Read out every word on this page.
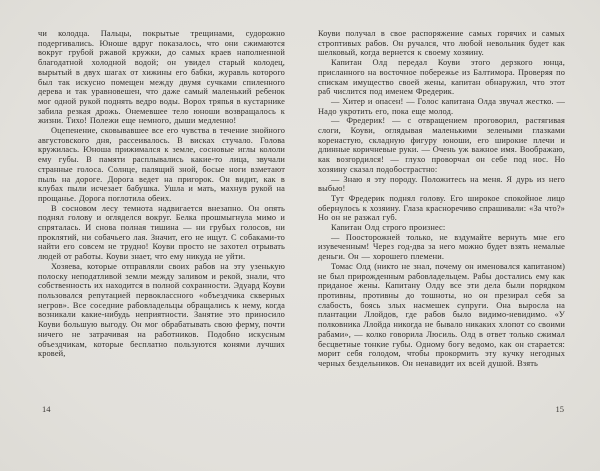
чи колодца. Пальцы, покрытые трещинами, судорожно подергивались. Юноше вдруг показалось, что они сжимаются вокруг грубой ржавой кружки, до самых краев наполненной благодатной холодной водой; он увидел старый колодец, вырытый в двух шагах от хижины его бабки, журавль которого был так искусно помещен между двумя сучками спиленного дерева и так уравновешен, что даже самый маленький ребенок мог одной рукой поднять ведро воды. Ворох тряпья в кустарнике забила резкая дрожь. Онемевшее тело юноши возвращалось к жизни. Тихо! Полежи еще немного, дыши медленно!

Оцепенение, сковывавшее все его чувства в течение знойного августовского дня, рассеивалось. В висках стучало. Голова кружилась. Юноша прижимался к земле, сосновые иглы кололи ему губы. В памяти расплывались какие-то лица, звучали странные голоса. Солнце, палящий зной, босые ноги взметают пыль на дороге. Дорога ведет на пригорок. Он видит, как в клубах пыли исчезает бабушка. Ушла и мать, махнув рукой на прощанье. Дорога поглотила обеих.

В сосновом лесу темнота надвигается внезапно. Он опять поднял голову и огляделся вокруг. Белка прошмыгнула мимо и спряталась. И снова полная тишина — ни грубых голосов, ни проклятий, ни собачьего лая. Значит, его не ищут. С собаками-то найти его совсем не трудно! Коуви просто не захотел отрывать людей от работы. Коуви знает, что ему никуда не уйти.

Хозяева, которые отправляли своих рабов на эту узенькую полоску неподатливой земли между заливом и рекой, знали, что собственность их находится в полной сохранности. Эдуард Коуви пользовался репутацией первоклассного «объездчика скверных негров». Все соседние рабовладельцы обращались к нему, когда возникали какие-нибудь неприятности. Занятие это приносило Коуви большую выгоду. Он мог обрабатывать свою ферму, почти ничего не затрачивая на работников. Подобно искусным объездчикам, которые бесплатно пользуются конями лучших кровей,

Коуви получал в свое распоряжение самых горячих и самых строптивых рабов. Он ручался, что любой невольник будет как шелковый, когда вернется к своему хозяину.

Капитан Олд передал Коуви этого дерзкого юнца, присланного на восточное побережье из Балтимора. Проверяя по спискам имущество своей жены, капитан обнаружил, что этот раб числится под именем Фредерик.

— Хитер и опасен! — Голос капитана Олда звучал жестко. — Надо укротить его, пока еще молод.

— Фредерик! — с отвращением проговорил, растягивая слоги, Коуви, оглядывая маленькими зелеными глазками коренастую, складную фигуру юноши, его широкие плечи и длинные коричневые руки. — Очень уж важное имя. Воображаю, как возгордился! — глухо проворчал он себе под нос. Но хозяину сказал подобострастно:

— Знаю я эту породу. Положитесь на меня. Я дурь из него выбью!

Тут Фредерик поднял голову. Его широкое спокойное лицо обернулось к хозяину. Глаза красноречиво спрашивали: «За что?» Но он не разжал губ.

Капитан Олд строго произнес:

— Поосторожней только, не вздумайте вернуть мне его изувеченным! Через год-два за него можно будет взять немалые деньги. Он — хорошего племени.

Томас Олд (никто не знал, почему он именовался капитаном) не был прирожденным рабовладельцем. Рабы достались ему как приданое жены. Капитану Олду все эти дела были порядком противны, противны до тошноты, но он презирал себя за слабость, боясь злых насмешек супруги. Она выросла на плантации Ллойдов, где рабов было видимо-невидимо. «У полковника Ллойда никогда не бывало никаких хлопот со своими рабами», — колко говорила Люсиль. Олд в ответ только сжимал бесцветные тонкие губы. Одному богу ведомо, как он старается: морит себя голодом, чтобы прокормить эту кучку негодных черных бездельников. Он ненавидит их всей душой. Взять

14	15
